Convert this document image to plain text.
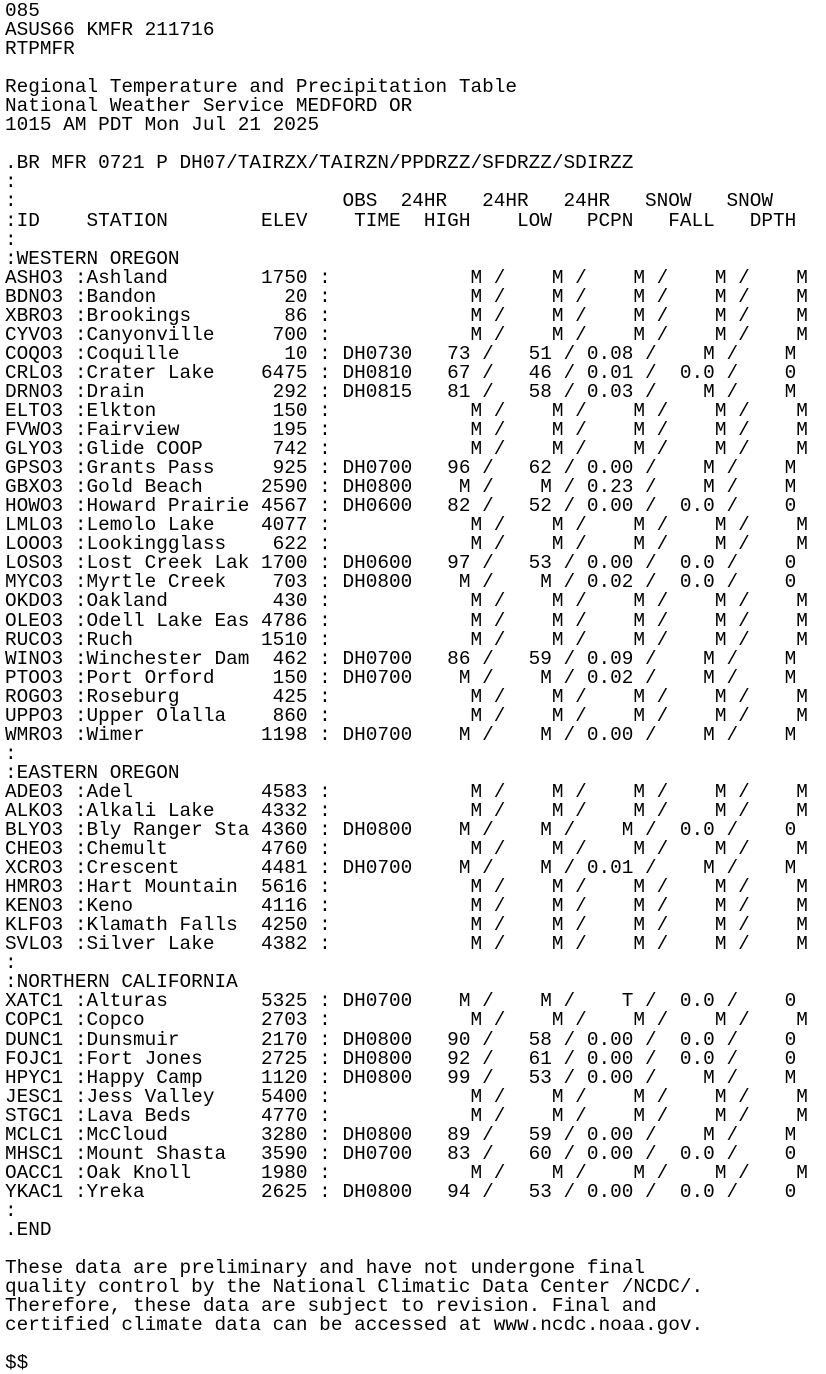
085
ASUS66 KMFR 211716
RTPMFR
Regional Temperature and Precipitation Table
National Weather Service MEDFORD OR
1015 AM PDT Mon Jul 21 2025
.BR MFR 0721 P DH07/TAIRZX/TAIRZN/PPDRZZ/SFDRZZ/SDIRZZ
:
:                            OBS  24HR   24HR   24HR   SNOW   SNOW
:ID    STATION        ELEV    TIME  HIGH    LOW   PCPN   FALL   DPTH
:
:WESTERN OREGON
ASHO3 :Ashland        1750 :            M /    M /    M /    M /    M
BDNO3 :Bandon           20 :            M /    M /    M /    M /    M
XBRO3 :Brookings        86 :            M /    M /    M /    M /    M
CYVO3 :Canyonville     700 :            M /    M /    M /    M /    M
COQO3 :Coquille         10 : DH0730   73 /   51 / 0.08 /    M /    M
CRLO3 :Crater Lake    6475 : DH0810   67 /   46 / 0.01 /  0.0 /    0
DRNO3 :Drain           292 : DH0815   81 /   58 / 0.03 /    M /    M
ELTO3 :Elkton          150 :            M /    M /    M /    M /    M
FVWO3 :Fairview        195 :            M /    M /    M /    M /    M
GLYO3 :Glide COOP      742 :            M /    M /    M /    M /    M
GPSO3 :Grants Pass     925 : DH0700   96 /   62 / 0.00 /    M /    M
GBXO3 :Gold Beach     2590 : DH0800    M /    M / 0.23 /    M /    M
HOWO3 :Howard Prairie 4567 : DH0600   82 /   52 / 0.00 /  0.0 /    0
LMLO3 :Lemolo Lake    4077 :            M /    M /    M /    M /    M
LOOO3 :Lookingglass    622 :            M /    M /    M /    M /    M
LOSO3 :Lost Creek Lak 1700 : DH0600   97 /   53 / 0.00 /  0.0 /    0
MYCO3 :Myrtle Creek    703 : DH0800    M /    M / 0.02 /  0.0 /    0
OKDO3 :Oakland         430 :            M /    M /    M /    M /    M
OLEO3 :Odell Lake Eas 4786 :            M /    M /    M /    M /    M
RUCO3 :Ruch           1510 :            M /    M /    M /    M /    M
WINO3 :Winchester Dam  462 : DH0700   86 /   59 / 0.09 /    M /    M
PTOO3 :Port Orford     150 : DH0700    M /    M / 0.02 /    M /    M
ROGO3 :Roseburg        425 :            M /    M /    M /    M /    M
UPPO3 :Upper Olalla    860 :            M /    M /    M /    M /    M
WMRO3 :Wimer          1198 : DH0700    M /    M / 0.00 /    M /    M
:
:EASTERN OREGON
ADEO3 :Adel           4583 :            M /    M /    M /    M /    M
ALKO3 :Alkali Lake    4332 :            M /    M /    M /    M /    M
BLYO3 :Bly Ranger Sta 4360 : DH0800    M /    M /    M /  0.0 /    0
CHEO3 :Chemult        4760 :            M /    M /    M /    M /    M
XCRO3 :Crescent       4481 : DH0700    M /    M / 0.01 /    M /    M
HMRO3 :Hart Mountain  5616 :            M /    M /    M /    M /    M
KENO3 :Keno           4116 :            M /    M /    M /    M /    M
KLFO3 :Klamath Falls  4250 :            M /    M /    M /    M /    M
SVLO3 :Silver Lake    4382 :            M /    M /    M /    M /    M
:
:NORTHERN CALIFORNIA
XATC1 :Alturas        5325 : DH0700    M /    M /    T /  0.0 /    0
COPC1 :Copco          2703 :            M /    M /    M /    M /    M
DUNC1 :Dunsmuir       2170 : DH0800   90 /   58 / 0.00 /  0.0 /    0
FOJC1 :Fort Jones     2725 : DH0800   92 /   61 / 0.00 /  0.0 /    0
HPYC1 :Happy Camp     1120 : DH0800   99 /   53 / 0.00 /    M /    M
JESC1 :Jess Valley    5400 :            M /    M /    M /    M /    M
STGC1 :Lava Beds      4770 :            M /    M /    M /    M /    M
MCLC1 :McCloud        3280 : DH0800   89 /   59 / 0.00 /    M /    M
MHSC1 :Mount Shasta   3590 : DH0700   83 /   60 / 0.00 /  0.0 /    0
OACC1 :Oak Knoll      1980 :            M /    M /    M /    M /    M
YKAC1 :Yreka          2625 : DH0800   94 /   53 / 0.00 /  0.0 /    0
:
.END
These data are preliminary and have not undergone final
quality control by the National Climatic Data Center /NCDC/.
Therefore, these data are subject to revision. Final and
certified climate data can be accessed at www.ncdc.noaa.gov.
$$
